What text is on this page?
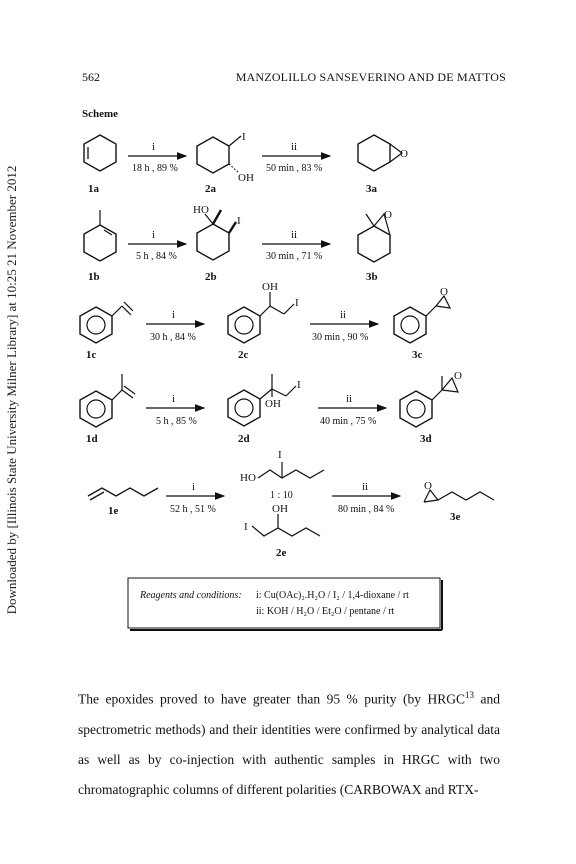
Downloaded by [Illinois State University Milner Library] at 10:25 21 November 2012
562	MANZOLILLO SANSEVERINO AND DE MATTOS
Scheme
1a
i
18 h , 89 %
I
OH
2a
ii
50 min , 83 %
O
3a
1b
i
5 h , 84 %
HO
I
2b
ii
30 min , 71 %
O
3b
1c
i
30 h , 84 %
OH
I
2c
ii
30 min , 90 %
O
3c
1d
i
5 h , 85 %
OH
I
2d
ii
40 min , 75 %
O
3d
1e
i
52 h , 51 %
HO
I
1 : 10
OH
I
2e
ii
80 min , 84 %
O
3e
Reagents and conditions: i: Cu(OAc)₂.H₂O / I₂ / 1,4-dioxane / rt
ii: KOH / H₂O / Et₂O / pentane / rt

The epoxides proved to have greater than 95 % purity (by HRGC$^{13}$ and spectrometric methods) and their identities were confirmed by analytical data as well as by co-injection with authentic samples in HRGC with two chromatographic columns of different polarities (CARBOWAX and RTX-
